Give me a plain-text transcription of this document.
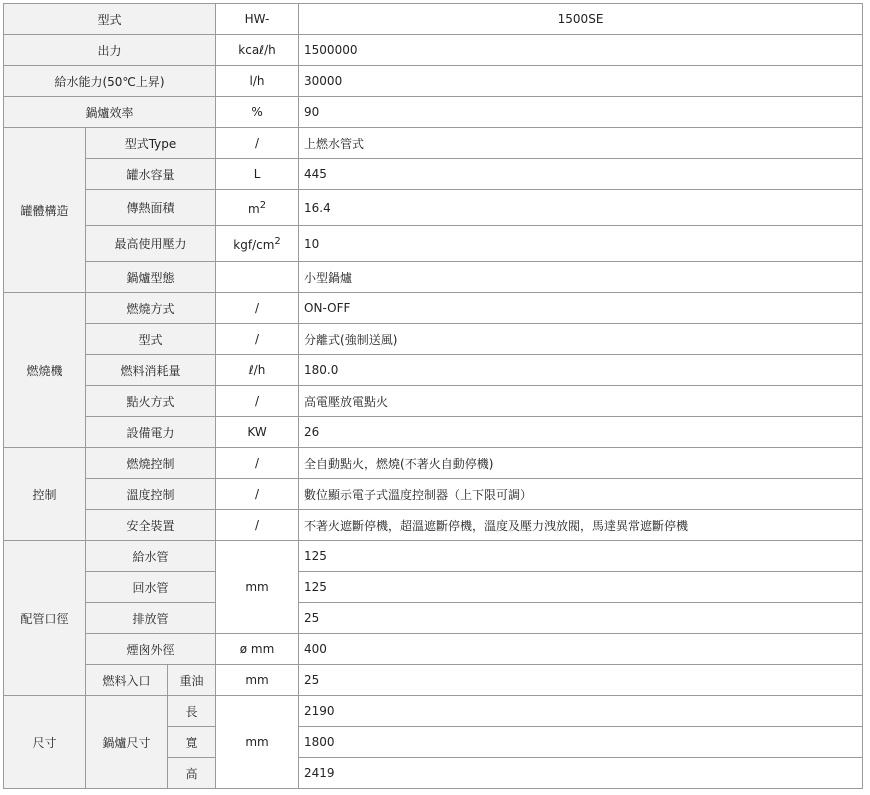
型式			HW-	1500SE
出力			kcaℓ/h	1500000
給水能力(50℃上昇)			l/h	30000
鍋爐效率			%	90
罐體構造	型式Type		/	上燃水管式
	罐水容量		L	445
	傳熱面積		$m^2$	16.4
	最高使用壓力		kgf/$cm^2$	10
	鍋爐型態			小型鍋爐
燃燒機	燃燒方式		/	ON-OFF
	型式		/	分離式(強制送風)
	燃料消耗量		ℓ/h	180.0
	點火方式		/	高電壓放電點火
	設備電力		KW	26
控制	燃燒控制		/	全自動點火，燃燒(不著火自動停機)
	溫度控制		/	數位顯示電子式溫度控制器（上下限可調）
	安全裝置		/	不著火遮斷停機，超溫遮斷停機，溫度及壓力洩放閥，馬達異常遮斷停機
配管口徑	給水管		mm	125
	回水管			125
	排放管			25
	煙囪外徑		ø mm	400
	燃料入口	重油	mm	25
尺寸	鍋爐尺寸	長	mm	2190
		寬		1800
		高		2419
